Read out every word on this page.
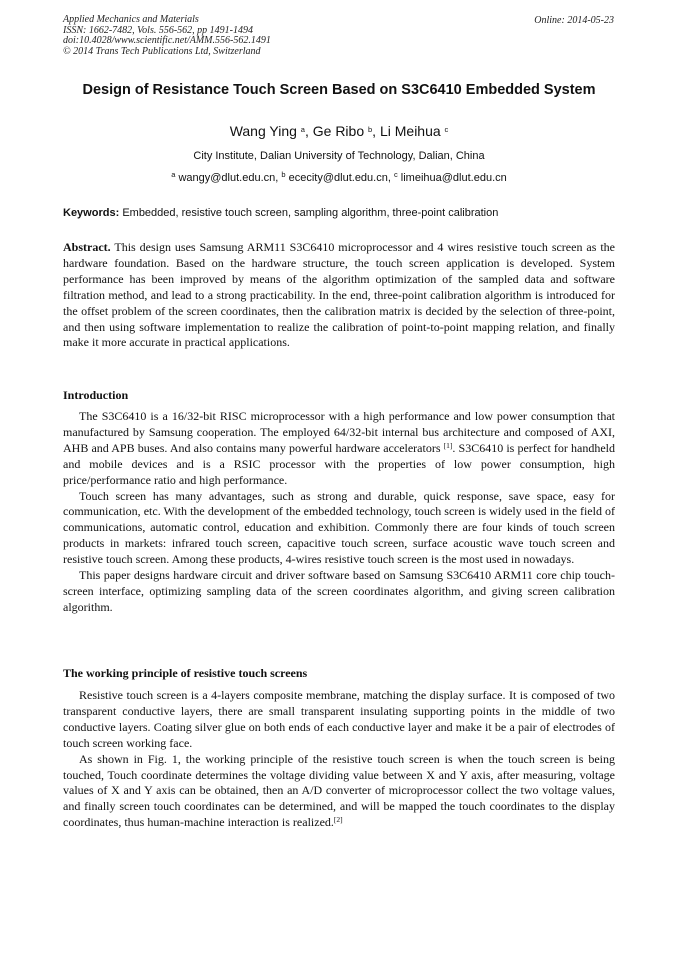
Applied Mechanics and Materials
ISSN: 1662-7482, Vols. 556-562, pp 1491-1494
doi:10.4028/www.scientific.net/AMM.556-562.1491
© 2014 Trans Tech Publications Ltd, Switzerland
Online: 2014-05-23
Design of Resistance Touch Screen Based on S3C6410 Embedded System
Wang Ying $^a$, Ge Ribo $^b$, Li Meihua $^c$
City Institute, Dalian University of Technology, Dalian, China
$^a$ wangy@dlut.edu.cn, $^b$ ececity@dlut.edu.cn, $^c$ limeihua@dlut.edu.cn
Keywords: Embedded, resistive touch screen, sampling algorithm, three-point calibration

Abstract. This design uses Samsung ARM11 S3C6410 microprocessor and 4 wires resistive touch screen as the hardware foundation. Based on the hardware structure, the touch screen application is developed. System performance has been improved by means of the algorithm optimization of the sampled data and software filtration method, and lead to a strong practicability. In the end, three-point calibration algorithm is introduced for the offset problem of the screen coordinates, then the calibration matrix is decided by the selection of three-point, and then using software implementation to realize the calibration of point-to-point mapping relation, and finally make it more accurate in practical applications.

Introduction

The S3C6410 is a 16/32-bit RISC microprocessor with a high performance and low power consumption that manufactured by Samsung cooperation. The employed 64/32-bit internal bus architecture and composed of AXI, AHB and APB buses. And also contains many powerful hardware accelerators [1]. S3C6410 is perfect for handheld and mobile devices and is a RSIC processor with the properties of low power consumption, high price/performance ratio and high performance.

Touch screen has many advantages, such as strong and durable, quick response, save space, easy for communication, etc. With the development of the embedded technology, touch screen is widely used in the field of communications, automatic control, education and exhibition. Commonly there are four kinds of touch screen products in markets: infrared touch screen, capacitive touch screen, surface acoustic wave touch screen and resistive touch screen. Among these products, 4-wires resistive touch screen is the most used in nowadays.

This paper designs hardware circuit and driver software based on Samsung S3C6410 ARM11 core chip touch-screen interface, optimizing sampling data of the screen coordinates algorithm, and giving screen calibration algorithm.

The working principle of resistive touch screens

Resistive touch screen is a 4-layers composite membrane, matching the display surface. It is composed of two transparent conductive layers, there are small transparent insulating supporting points in the middle of two conductive layers. Coating silver glue on both ends of each conductive layer and make it be a pair of electrodes of touch screen working face.

As shown in Fig. 1, the working principle of the resistive touch screen is when the touch screen is being touched, Touch coordinate determines the voltage dividing value between X and Y axis, after measuring, voltage values of X and Y axis can be obtained, then an A/D converter of microprocessor collect the two voltage values, and finally screen touch coordinates can be determined, and will be mapped the touch coordinates to the display coordinates, thus human-machine interaction is realized.[2]
